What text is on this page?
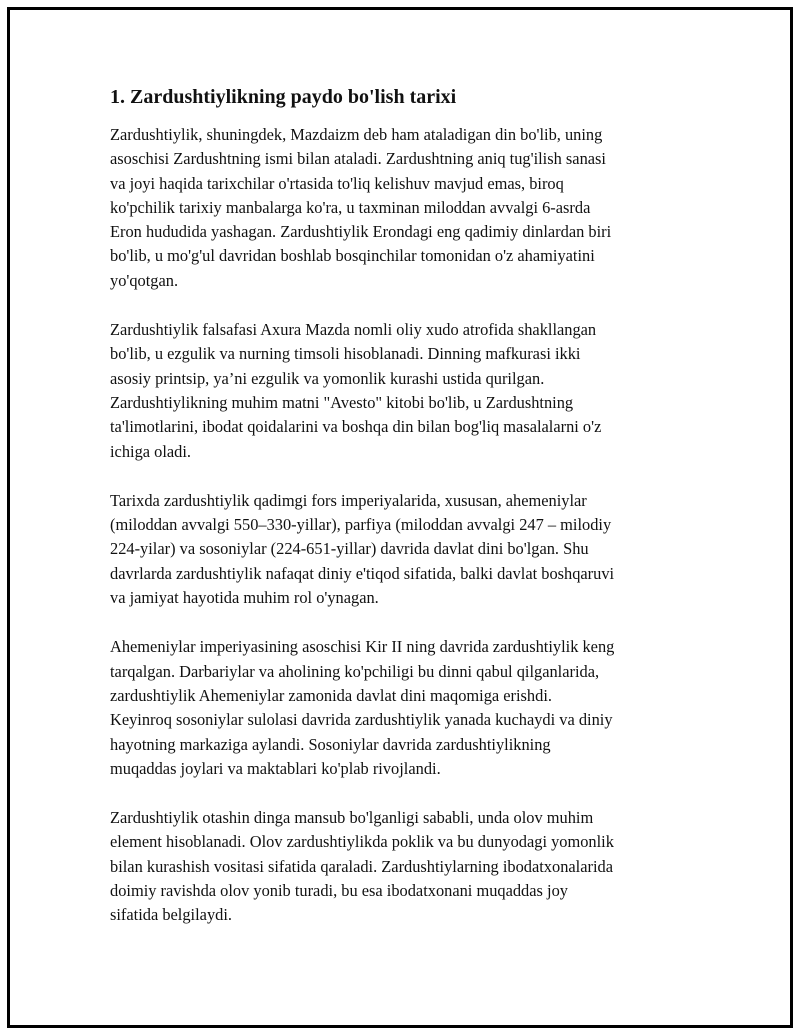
1. Zardushtiylikning paydo bo'lish tarixi

Zardushtiylik, shuningdek, Mazdaizm deb ham ataladigan din bo'lib, uning
asoschisi Zardushtning ismi bilan ataladi. Zardushtning aniq tug'ilish sanasi
va joyi haqida tarixchilar o'rtasida to'liq kelishuv mavjud emas, biroq
ko'pchilik tarixiy manbalarga ko'ra, u taxminan miloddan avvalgi 6-asrda
Eron hududida yashagan. Zardushtiylik Erondagi eng qadimiy dinlardan biri
bo'lib, u mo'g'ul davridan boshlab bosqinchilar tomonidan o'z ahamiyatini
yo'qotgan.

Zardushtiylik falsafasi Axura Mazda nomli oliy xudo atrofida shakllangan
bo'lib, u ezgulik va nurning timsoli hisoblanadi. Dinning mafkurasi ikki
asosiy printsip, ya’ni ezgulik va yomonlik kurashi ustida qurilgan.
Zardushtiylikning muhim matni "Avesto" kitobi bo'lib, u Zardushtning
ta'limotlarini, ibodat qoidalarini va boshqa din bilan bog'liq masalalarni o'z
ichiga oladi.

Tarixda zardushtiylik qadimgi fors imperiyalarida, xususan, ahemeniylar
(miloddan avvalgi 550–330-yillar), parfiya (miloddan avvalgi 247 – milodiy
224-yilar) va sosoniylar (224-651-yillar) davrida davlat dini bo'lgan. Shu
davrlarda zardushtiylik nafaqat diniy e'tiqod sifatida, balki davlat boshqaruvi
va jamiyat hayotida muhim rol o'ynagan.

Ahemeniylar imperiyasining asoschisi Kir II ning davrida zardushtiylik keng
tarqalgan. Darbariylar va aholining ko'pchiligi bu dinni qabul qilganlarida,
zardushtiylik Ahemeniylar zamonida davlat dini maqomiga erishdi.
Keyinroq sosoniylar sulolasi davrida zardushtiylik yanada kuchaydi va diniy
hayotning markaziga aylandi. Sosoniylar davrida zardushtiylikning
muqaddas joylari va maktablari ko'plab rivojlandi.

Zardushtiylik otashin dinga mansub bo'lganligi sababli, unda olov muhim
element hisoblanadi. Olov zardushtiylikda poklik va bu dunyodagi yomonlik
bilan kurashish vositasi sifatida qaraladi. Zardushtiylarning ibodatxonalarida
doimiy ravishda olov yonib turadi, bu esa ibodatxonani muqaddas joy
sifatida belgilaydi.
